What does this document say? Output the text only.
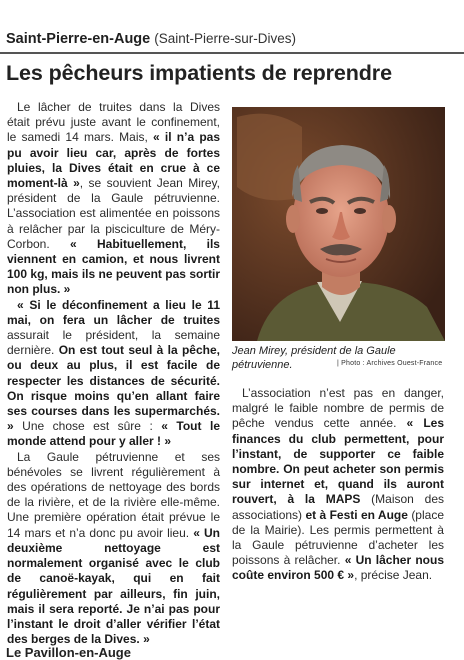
Saint-Pierre-en-Auge (Saint-Pierre-sur-Dives)
Les pêcheurs impatients de reprendre

Le lâcher de truites dans la Dives était prévu juste avant le confinement, le samedi 14 mars. Mais, « il n’a pas pu avoir lieu car, après de fortes pluies, la Dives était en crue à ce moment-là », se souvient Jean Mirey, président de la Gaule pétruvienne. L’association est alimentée en poissons à relâcher par la pisciculture de Méry-Corbon. « Habituellement, ils viennent en camion, et nous livrent 100 kg, mais ils ne peuvent pas sortir non plus. »

« Si le déconfinement a lieu le 11 mai, on fera un lâcher de truites assurait le président, la semaine dernière. On est tout seul à la pêche, ou deux au plus, il est facile de respecter les distances de sécurité. On risque moins qu’en allant faire ses courses dans les supermarchés. » Une chose est sûre : « Tout le monde attend pour y aller ! »

La Gaule pétruvienne et ses bénévoles se livrent régulièrement à des opérations de nettoyage des bords de la rivière, et de la rivière elle-même. Une première opération était prévue le 14 mars et n’a donc pu avoir lieu. « Un deuxième nettoyage est normalement organisé avec le club de canoë-kayak, qui en fait régulièrement par ailleurs, fin juin, mais il sera reporté. Je n’ai pas pour l’instant le droit d’aller vérifier l’état des berges de la Dives. »

Jean Mirey, président de la Gaule pétruvienne.	| Photo : Archives Ouest-France

L’association n’est pas en danger, malgré le faible nombre de permis de pêche vendus cette année. « Les finances du club permettent, pour l’instant, de supporter ce faible nombre. On peut acheter son permis sur internet et, quand ils auront rouvert, à la MAPS (Maison des associations) et à Festi en Auge (place de la Mairie). Les permis permettent à la Gaule pétruvienne d’acheter les poissons à relâcher. « Un lâcher nous coûte environ 500 € », précise Jean.

Le Pavillon-en-Auge
